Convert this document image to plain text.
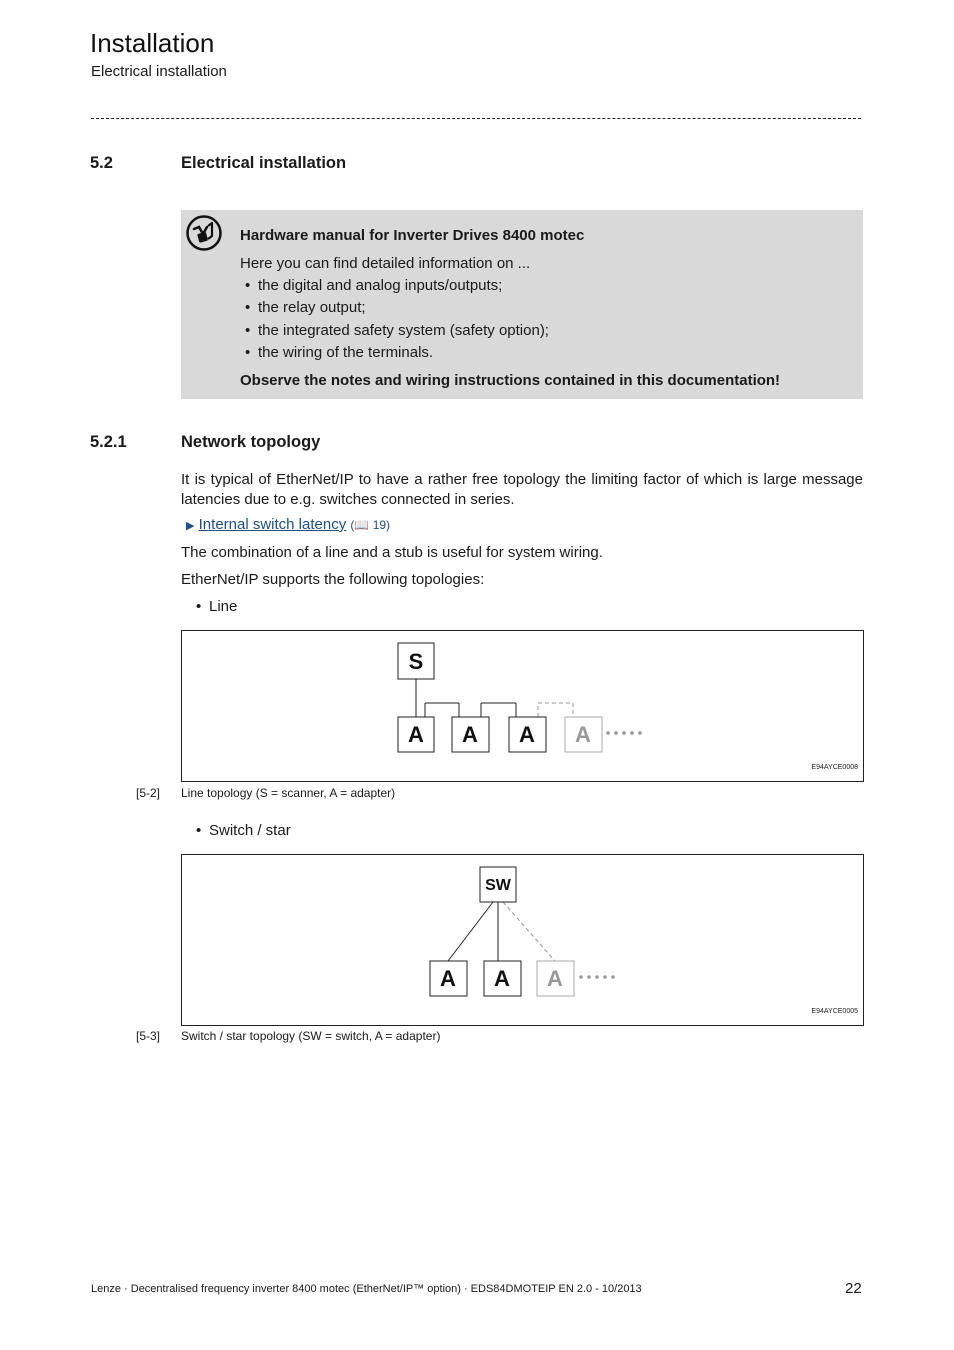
Installation
Electrical installation
5.2	Electrical installation
Hardware manual for Inverter Drives 8400 motec
Here you can find detailed information on ...
• the digital and analog inputs/outputs;
• the relay output;
• the integrated safety system (safety option);
• the wiring of the terminals.
Observe the notes and wiring instructions contained in this documentation!
5.2.1	Network topology
It is typical of EtherNet/IP to have a rather free topology the limiting factor of which is large message latencies due to e.g. switches connected in series.
▶ Internal switch latency (📖 19)
The combination of a line and a stub is useful for system wiring.
EtherNet/IP supports the following topologies:
• Line
S
A A A A
E94AYCE0008
[5-2] Line topology (S = scanner, A = adapter)
• Switch / star
SW
A A A
E94AYCE0005
[5-3] Switch / star topology (SW = switch, A = adapter)
Lenze · Decentralised frequency inverter 8400 motec (EtherNet/IP™ option) · EDS84DMOTEIP EN 2.0 - 10/2013	22
